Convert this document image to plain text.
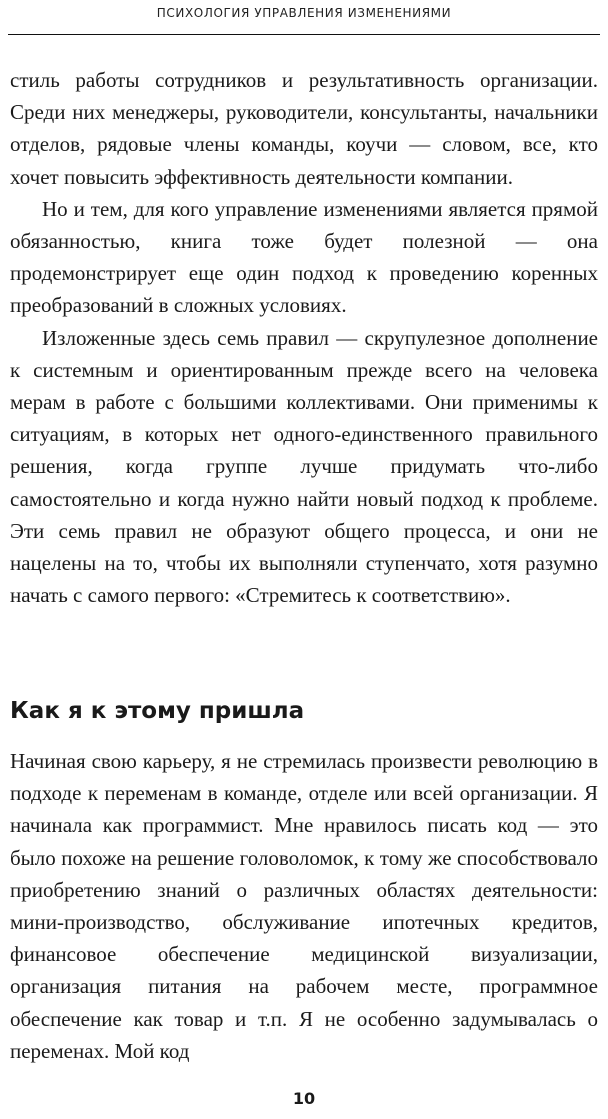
ПСИХОЛОГИЯ УПРАВЛЕНИЯ ИЗМЕНЕНИЯМИ

стиль работы сотрудников и результативность организации. Среди них менеджеры, руководители, консультанты, начальники отделов, рядовые члены команды, коучи — словом, все, кто хочет повысить эффективность деятельности компании.

Но и тем, для кого управление изменениями является прямой обязанностью, книга тоже будет полезной — она продемонстрирует еще один подход к проведению коренных преобразований в сложных условиях.

Изложенные здесь семь правил — скрупулезное дополнение к системным и ориентированным прежде всего на человека мерам в работе с большими коллективами. Они применимы к ситуациям, в которых нет одного-единственного правильного решения, когда группе лучше придумать что-либо самостоятельно и когда нужно найти новый подход к проблеме. Эти семь правил не образуют общего процесса, и они не нацелены на то, чтобы их выполняли ступенчато, хотя разумно начать с самого первого: «Стремитесь к соответствию».

Как я к этому пришла

Начиная свою карьеру, я не стремилась произвести революцию в подходе к переменам в команде, отделе или всей организации. Я начинала как программист. Мне нравилось писать код — это было похоже на решение головоломок, к тому же способствовало приобретению знаний о различных областях деятельности: мини-производство, обслуживание ипотечных кредитов, финансовое обеспечение медицинской визуализации, организация питания на рабочем месте, программное обеспечение как товар и т.п. Я не особенно задумывалась о переменах. Мой код

10
